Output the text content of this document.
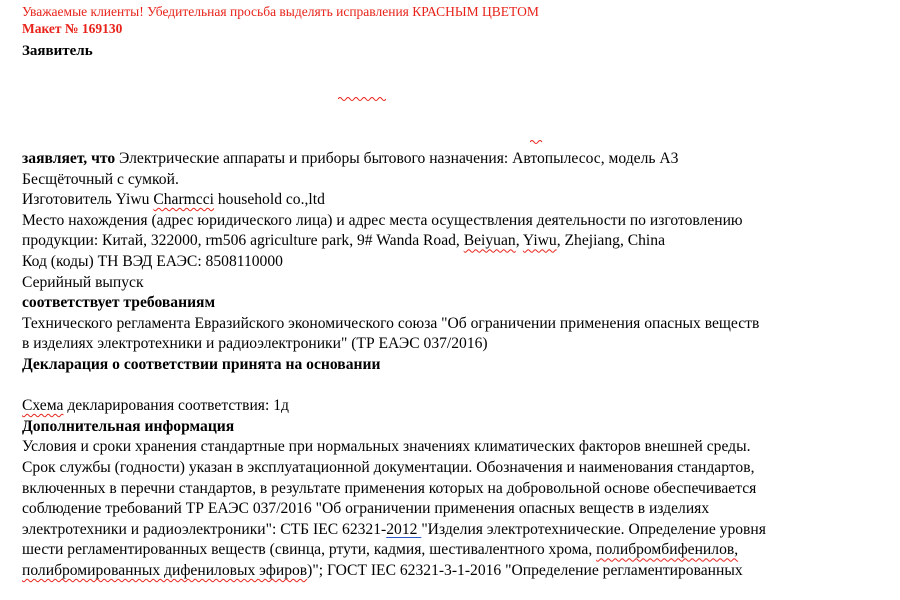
Уважаемые клиенты! Убедительная просьба выделять исправления КРАСНЫМ ЦВЕТОМ
Макет № 169130
Заявитель

заявляет, что Электрические аппараты и приборы бытового назначения: Автопылесос, модель A3

Бесщёточный с сумкой.

Изготовитель Yiwu Charmcci household co.,ltd

Место нахождения (адрес юридического лица) и адрес места осуществления деятельности по изготовлению

продукции: Китай, 322000, rm506 agriculture park, 9# Wanda Road, Beiyuan, Yiwu, Zhejiang, China

Код (коды) ТН ВЭД ЕАЭС: 8508110000

Серийный выпуск

соответствует требованиям

Технического регламента Евразийского экономического союза "Об ограничении применения опасных веществ

в изделиях электротехники и радиоэлектроники" (ТР ЕАЭС 037/2016)

Декларация о соответствии принята на основании

Схема декларирования соответствия: 1д

Дополнительная информация

Условия и сроки хранения стандартные при нормальных значениях климатических факторов внешней среды.

Срок службы (годности) указан в эксплуатационной документации. Обозначения и наименования стандартов,

включенных в перечни стандартов, в результате применения которых на добровольной основе обеспечивается

соблюдение требований ТР ЕАЭС 037/2016 "Об ограничении применения опасных веществ в изделиях

электротехники и радиоэлектроники": СТБ IEC 62321-2012 "Изделия электротехнические. Определение уровня

шести регламентированных веществ (свинца, ртути, кадмия, шестивалентного хрома, полибромбифенилов,

полибромированных дифениловых эфиров)"; ГОСТ IEC 62321-3-1-2016 "Определение регламентированных
